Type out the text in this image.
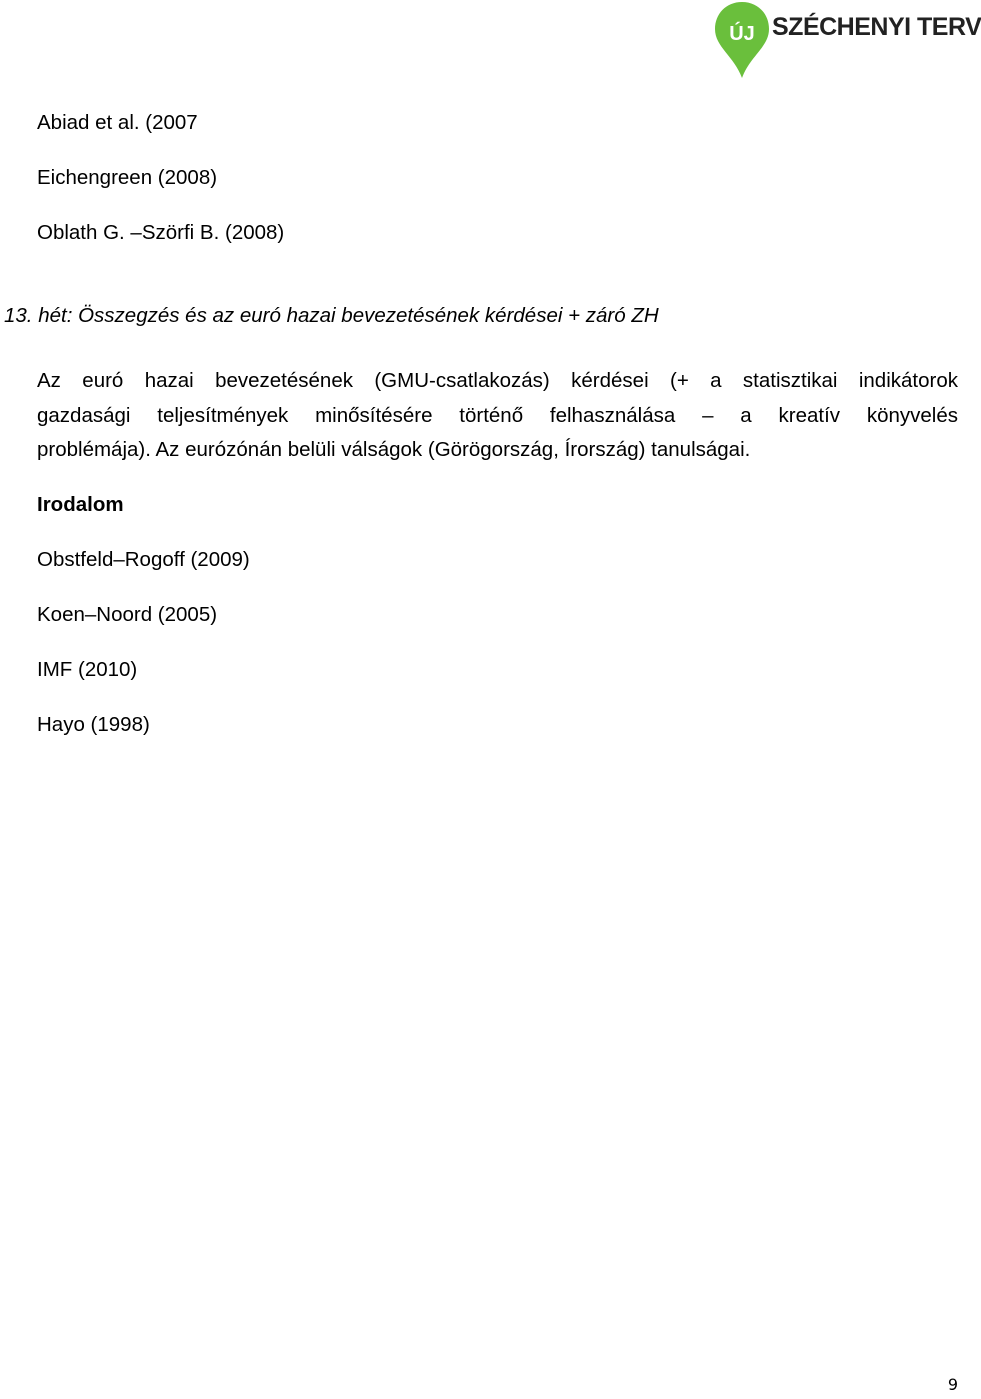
ÚJ SZÉCHENYI TERV
Abiad et al. (2007
Eichengreen (2008)
Oblath G. –Szörfi B. (2008)
13. hét: Összegzés és az euró hazai bevezetésének kérdései + záró ZH
Az euró hazai bevezetésének (GMU-csatlakozás) kérdései (+ a statisztikai indikátorok
gazdasági teljesítmények minősítésére történő felhasználása – a kreatív könyvelés
problémája). Az eurózónán belüli válságok (Görögország, Írország) tanulságai.
Irodalom
Obstfeld–Rogoff (2009)
Koen–Noord (2005)
IMF (2010)
Hayo (1998)
9
